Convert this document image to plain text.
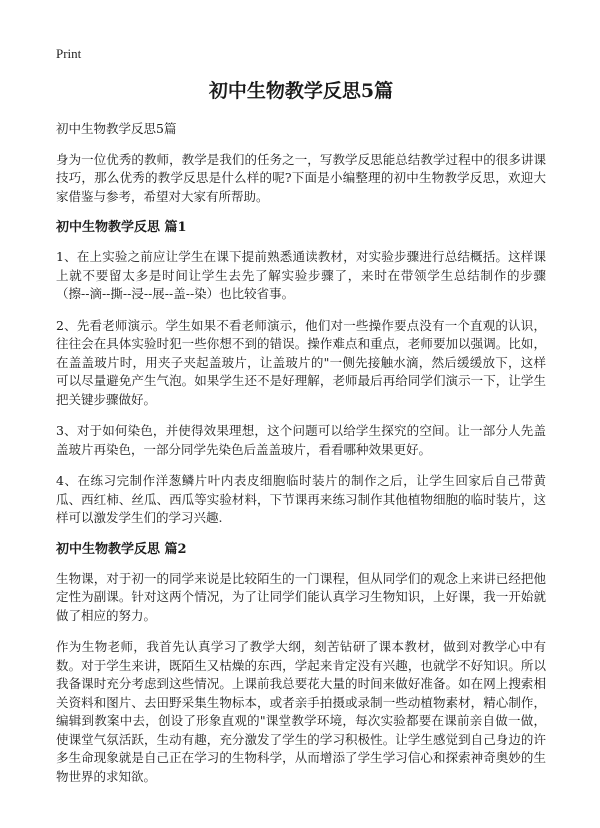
Print
初中生物教学反思5篇

初中生物教学反思5篇

身为一位优秀的教师，教学是我们的任务之一，写教学反思能总结教学过程中的很多讲课技巧，那么优秀的教学反思是什么样的呢?下面是小编整理的初中生物教学反思，欢迎大家借鉴与参考，希望对大家有所帮助。

初中生物教学反思 篇1

1、在上实验之前应让学生在课下提前熟悉通读教材，对实验步骤进行总结概括。这样课上就不要留太多是时间让学生去先了解实验步骤了，来时在带领学生总结制作的步骤（擦--滴--撕--浸--展--盖--染）也比较省事。

2、先看老师演示。学生如果不看老师演示，他们对一些操作要点没有一个直观的认识，往往会在具体实验时犯一些你想不到的错误。操作难点和重点，老师要加以强调。比如，在盖盖玻片时，用夹子夹起盖玻片，让盖玻片的"一侧先接触水滴，然后缓缓放下，这样可以尽量避免产生气泡。如果学生还不是好理解，老师最后再给同学们演示一下，让学生把关键步骤做好。

3、对于如何染色，并使得效果理想，这个问题可以给学生探究的空间。让一部分人先盖盖玻片再染色，一部分同学先染色后盖盖玻片，看看哪种效果更好。

4、在练习完制作洋葱鳞片叶内表皮细胞临时装片的制作之后，让学生回家后自己带黄瓜、西红柿、丝瓜、西瓜等实验材料，下节课再来练习制作其他植物细胞的临时装片，这样可以激发学生们的学习兴趣.

初中生物教学反思 篇2

生物课，对于初一的同学来说是比较陌生的一门课程，但从同学们的观念上来讲已经把他定性为副课。针对这两个情况，为了让同学们能认真学习生物知识，上好课，我一开始就做了相应的努力。

作为生物老师，我首先认真学习了教学大纲，刻苦钻研了课本教材，做到对教学心中有数。对于学生来讲，既陌生又枯燥的东西，学起来肯定没有兴趣，也就学不好知识。所以我备课时充分考虑到这些情况。上课前我总要花大量的时间来做好准备。如在网上搜索相关资料和图片、去田野采集生物标本，或者亲手拍摄或录制一些动植物素材，精心制作，编辑到教案中去，创设了形象直观的"课堂教学环境，每次实验都要在课前亲自做一做，使课堂气氛活跃，生动有趣，充分激发了学生的学习积极性。让学生感觉到自己身边的许多生命现象就是自己正在学习的生物科学，从而增添了学生学习信心和探索神奇奥妙的生物世界的求知欲。
